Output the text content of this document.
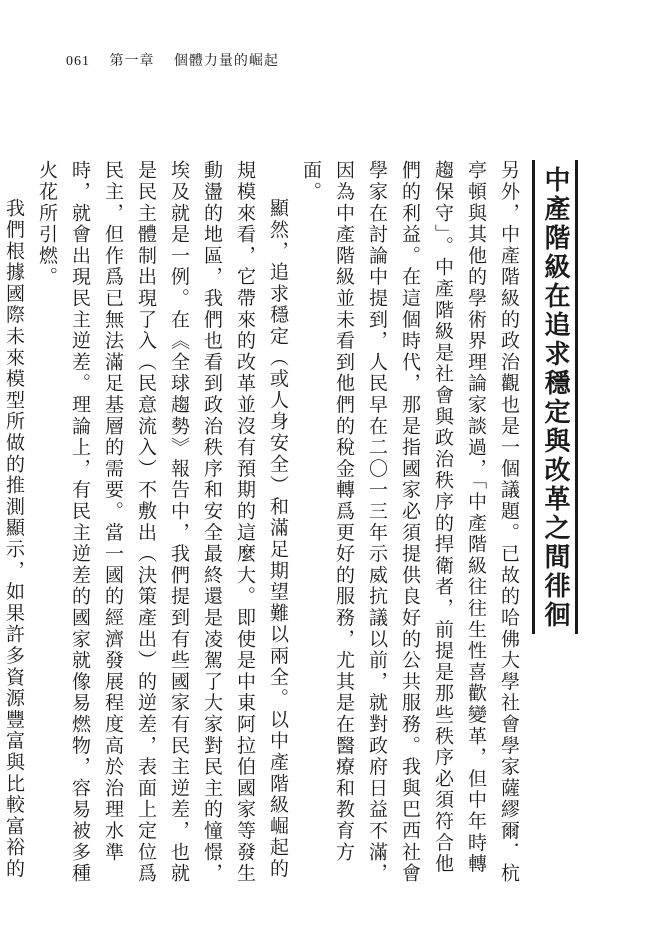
061 第一章 個體力量的崛起
中產階級在追求穩定與改革之間徘徊

另外，中產階級的政治觀也是一個議題。已故的哈佛大學社會學家薩繆爾．杭亭頓與其他的學術界理論家談過，「中產階級往往生性喜歡變革，但中年時轉趨保守」。中產階級是社會與政治秩序的捍衛者，前提是那些秩序必須符合他們的利益。在這個時代，那是指國家必須提供良好的公共服務。我與巴西社會學家在討論中提到，人民早在二〇一三年示威抗議以前，就對政府日益不滿，因為中產階級並未看到他們的稅金轉爲更好的服務，尤其是在醫療和教育方面。

顯然，追求穩定（或人身安全）和滿足期望難以兩全。以中產階級崛起的規模來看，它帶來的改革並沒有預期的這麼大。即使是中東阿拉伯國家等發生動盪的地區，我們也看到政治秩序和安全最終還是凌駕了大家對民主的憧憬，埃及就是一例。在《全球趨勢》報告中，我們提到有些國家有民主逆差，也就是民主體制出現了入（民意流入）不敷出（決策產出）的逆差，表面上定位爲民主，但作爲已無法滿足基層的需要。當一國的經濟發展程度高於治理水準時，就會出現民主逆差。理論上，有民主逆差的國家就像易燃物，容易被多種火花所引燃。

我們根據國際未來模型所做的推測顯示，如果許多資源豐富與比較富裕的
